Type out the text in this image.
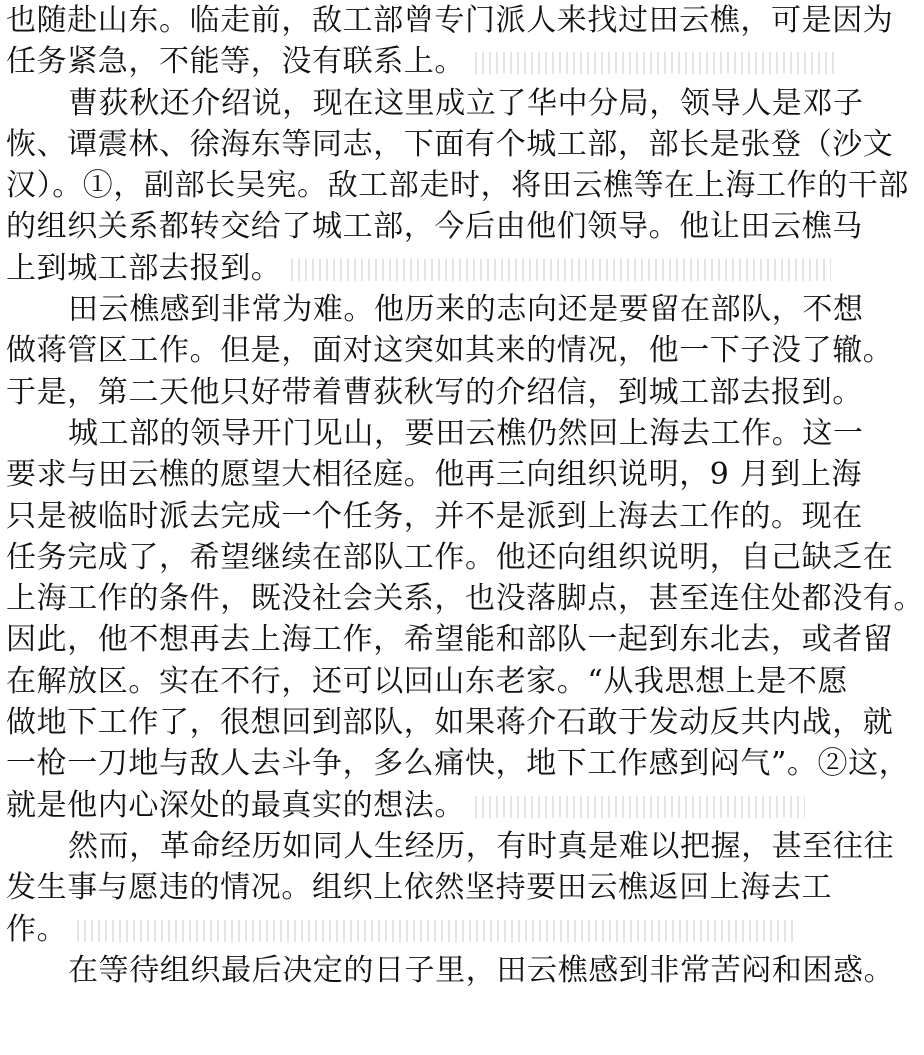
也随赴山东。临走前，敌工部曾专门派人来找过田云樵，可是因为
任务紧急，不能等，没有联系上。
曹荻秋还介绍说，现在这里成立了华中分局，领导人是邓子
恢、谭震林、徐海东等同志，下面有个城工部，部长是张登（沙文
汉）。①，副部长吴宪。敌工部走时，将田云樵等在上海工作的干部
的组织关系都转交给了城工部，今后由他们领导。他让田云樵马
上到城工部去报到。
田云樵感到非常为难。他历来的志向还是要留在部队，不想
做蒋管区工作。但是，面对这突如其来的情况，他一下子没了辙。
于是，第二天他只好带着曹荻秋写的介绍信，到城工部去报到。
城工部的领导开门见山，要田云樵仍然回上海去工作。这一
要求与田云樵的愿望大相径庭。他再三向组织说明，9 月到上海
只是被临时派去完成一个任务，并不是派到上海去工作的。现在
任务完成了，希望继续在部队工作。他还向组织说明，自己缺乏在
上海工作的条件，既没社会关系，也没落脚点，甚至连住处都没有。
因此，他不想再去上海工作，希望能和部队一起到东北去，或者留
在解放区。实在不行，还可以回山东老家。“从我思想上是不愿
做地下工作了，很想回到部队，如果蒋介石敢于发动反共内战，就
一枪一刀地与敌人去斗争，多么痛快，地下工作感到闷气”。②这，
就是他内心深处的最真实的想法。
然而，革命经历如同人生经历，有时真是难以把握，甚至往往
发生事与愿违的情况。组织上依然坚持要田云樵返回上海去工
作。
在等待组织最后决定的日子里，田云樵感到非常苦闷和困惑。
